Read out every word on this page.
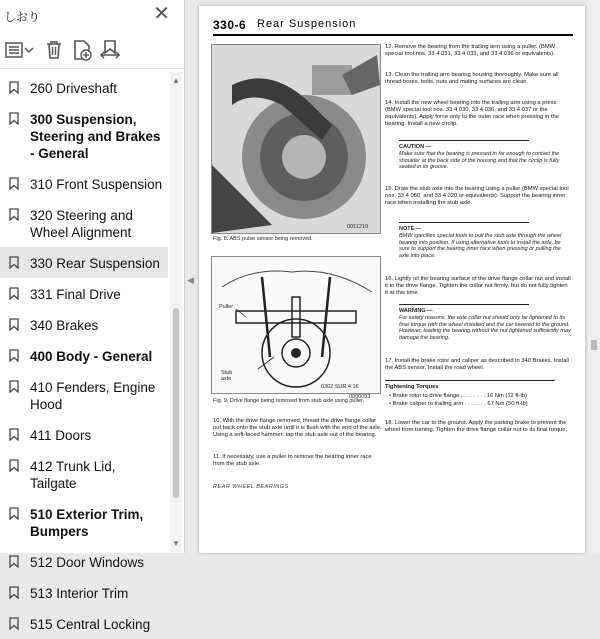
しおり	✕
260 Driveshaft
300 Suspension, Steering and Brakes - General
310 Front Suspension
320 Steering and Wheel Alignment
330 Rear Suspension
331 Final Drive
340 Brakes
400 Body - General
410 Fenders, Engine Hood
411 Doors
412 Trunk Lid, Tailgate
510 Exterior Trim, Bumpers
512 Door Windows
513 Interior Trim
515 Central Locking
▲
▼
◀
330-6 Rear Suspension
0011210
Fig. 8. ABS pulse sensor being removed.
Puller
Stub axle
6302 SUR 4 16
0000093
Fig. 9. Drive flange being removed from stub axle using puller.
10. With the drive flange removed, thread the drive flange collar nut back onto the stub axle until it is flush with the end of the axle. Using a soft-faced hammer, tap the stub axle out of the bearing.
11. If necessary, use a puller to remove the bearing inner race from the stub axle.
12. Remove the bearing from the trailing arm using a puller. (BMW special tool nos. 33 4 031, 33 4 033, and 33 4 036 or equivalents).
13. Clean the trailing arm bearing housing thoroughly. Make sure all thread bores, bolts, nuts and mating surfaces are clean.
14. Install the new wheel bearing into the trailing arm using a press (BMW special tool nos. 33 4 030, 33 4 036, and 33 4 037 or the equivalents). Apply force only to the outer race when pressing in the bearing. Install a new circlip.
CAUTION —
Make sure that the bearing is pressed in far enough to contact the shoulder at the back side of the housing and that the circlip is fully seated in its groove.
15. Draw the stub axle into the bearing using a puller (BMW special tool nos. 33 4 080, and 33 4 020 or equivalents). Support the bearing inner race when installing the stub axle.
NOTE —
BMW specifies special tools to pull the stub axle through the wheel bearing into position. If using alternative tools to install the axle, be sure to support the bearing inner race when pressing or pulling the axle into place.
16. Lightly oil the bearing surface of the drive flange collar nut and install it to the drive flange. Tighten the collar nut firmly, but do not fully tighten it at this time.
WARNING —
For safety reasons, the axle collar nut should only be tightened to its final torque with the wheel installed and the car lowered to the ground. However, loading the bearing without the nut tightened sufficiently may damage the bearing.
17. Install the brake rotor and caliper as described in 340 Brakes. Install the ABS sensor. Install the road wheel.
Tightening Torques
• Brake rotor to drive flange . . . . . . . . 16 Nm (12 ft-lb)
• Brake caliper to trailing arm . . . . . . . 67 Nm (50 ft-lb)
18. Lower the car to the ground. Apply the parking brake to prevent the wheel from turning. Tighten the drive flange collar nut to its final torque.
REAR WHEEL BEARINGS
